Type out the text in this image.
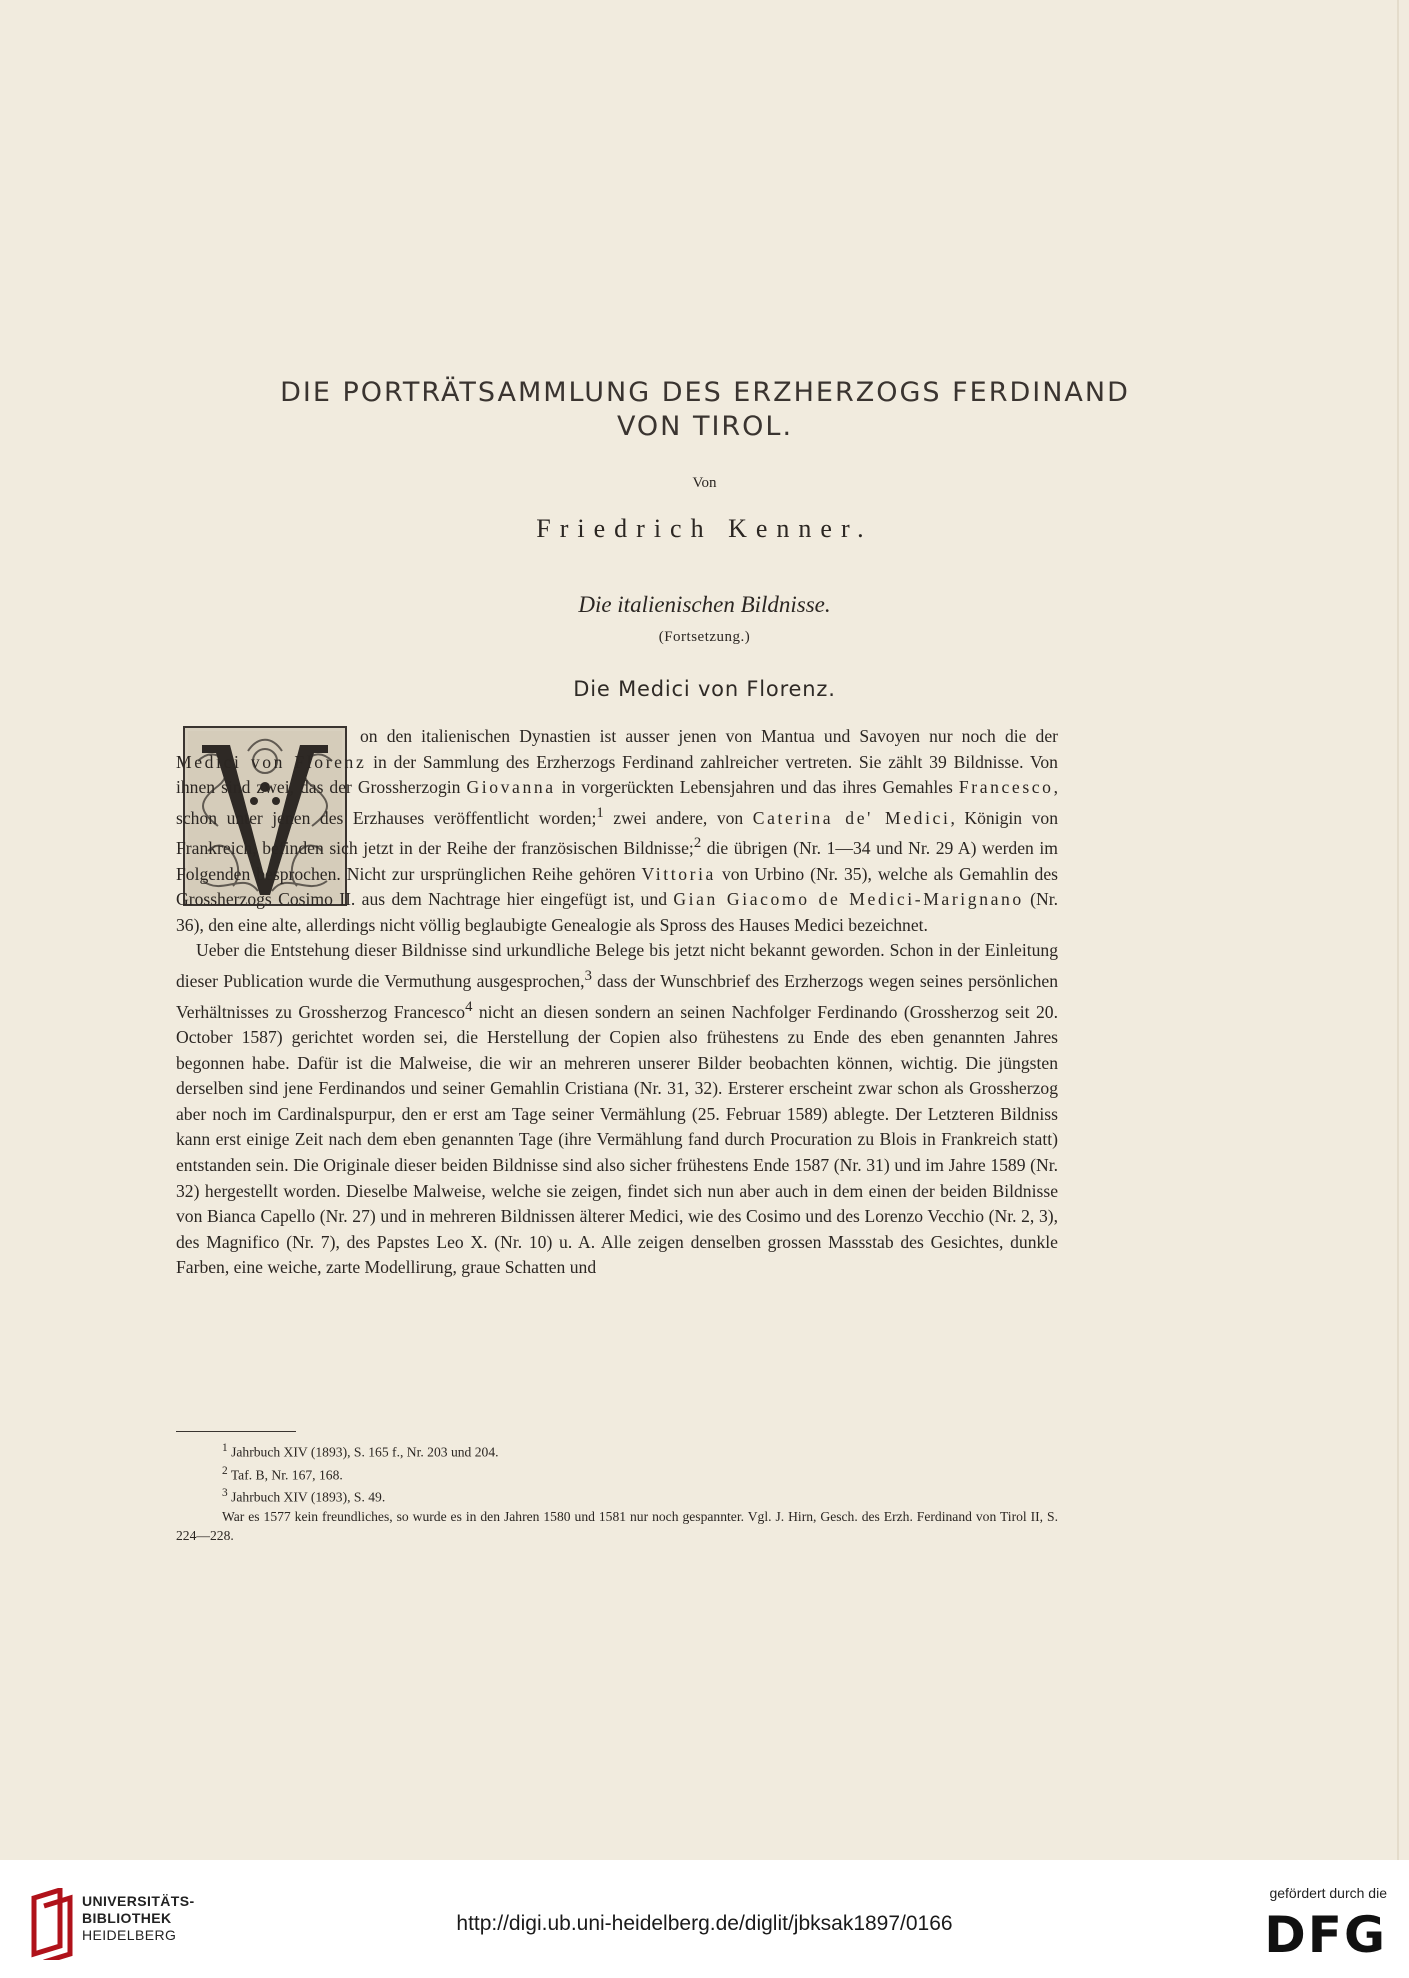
DIE PORTRÄTSAMMLUNG DES ERZHERZOGS FERDINAND
VON TIROL.
Von
Friedrich Kenner.
Die italienischen Bildnisse.
(Fortsetzung.)
Die Medici von Florenz.

on den italienischen Dynastien ist ausser jenen von Mantua und Savoyen nur noch die der Medici von Florenz in der Sammlung des Erzherzogs Ferdinand zahlreicher vertreten. Sie zählt 39 Bildnisse. Von ihnen sind zwei, das der Grossherzogin Giovanna in vorgerückten Lebensjahren und das ihres Gemahles Francesco, schon unter jenen des Erzhauses veröffentlicht worden;$^1$ zwei andere, von Caterina de' Medici, Königin von Frankreich, befinden sich jetzt in der Reihe der französischen Bildnisse;$^2$ die übrigen (Nr. 1—34 und Nr. 29 A) werden im Folgenden besprochen. Nicht zur ursprünglichen Reihe gehören Vittoria von Urbino (Nr. 35), welche als Gemahlin des Grossherzogs Cosimo II. aus dem Nachtrage hier eingefügt ist, und Gian Giacomo de Medici-Marignano (Nr. 36), den eine alte, allerdings nicht völlig beglaubigte Genealogie als Spross des Hauses Medici bezeichnet.

Ueber die Entstehung dieser Bildnisse sind urkundliche Belege bis jetzt nicht bekannt geworden. Schon in der Einleitung dieser Publication wurde die Vermuthung ausgesprochen,$^3$ dass der Wunschbrief des Erzherzogs wegen seines persönlichen Verhältnisses zu Grossherzog Francesco$^4$ nicht an diesen sondern an seinen Nachfolger Ferdinando (Grossherzog seit 20. October 1587) gerichtet worden sei, die Herstellung der Copien also frühestens zu Ende des eben genannten Jahres begonnen habe. Dafür ist die Malweise, die wir an mehreren unserer Bilder beobachten können, wichtig. Die jüngsten derselben sind jene Ferdinandos und seiner Gemahlin Cristiana (Nr. 31, 32). Ersterer erscheint zwar schon als Grossherzog aber noch im Cardinalspurpur, den er erst am Tage seiner Vermählung (25. Februar 1589) ablegte. Der Letzteren Bildniss kann erst einige Zeit nach dem eben genannten Tage (ihre Vermählung fand durch Procuration zu Blois in Frankreich statt) entstanden sein. Die Originale dieser beiden Bildnisse sind also sicher frühestens Ende 1587 (Nr. 31) und im Jahre 1589 (Nr. 32) hergestellt worden. Dieselbe Malweise, welche sie zeigen, findet sich nun aber auch in dem einen der beiden Bildnisse von Bianca Capello (Nr. 27) und in mehreren Bildnissen älterer Medici, wie des Cosimo und des Lorenzo Vecchio (Nr. 2, 3), des Magnifico (Nr. 7), des Papstes Leo X. (Nr. 10) u. A. Alle zeigen denselben grossen Massstab des Gesichtes, dunkle Farben, eine weiche, zarte Modellirung, graue Schatten und

$^1$ Jahrbuch XIV (1893), S. 165 f., Nr. 203 und 204.
$^2$ Taf. B, Nr. 167, 168.
$^3$ Jahrbuch XIV (1893), S. 49.
War es 1577 kein freundliches, so wurde es in den Jahren 1580 und 1581 nur noch gespannter. Vgl. J. Hirn, Gesch. des Erzh. Ferdinand von Tirol II, S. 224—228.
UNIVERSITÄTS-
BIBLIOTHEK
HEIDELBERG	http://digi.ub.uni-heidelberg.de/diglit/jbksak1897/0166
gefördert durch die
DFG
